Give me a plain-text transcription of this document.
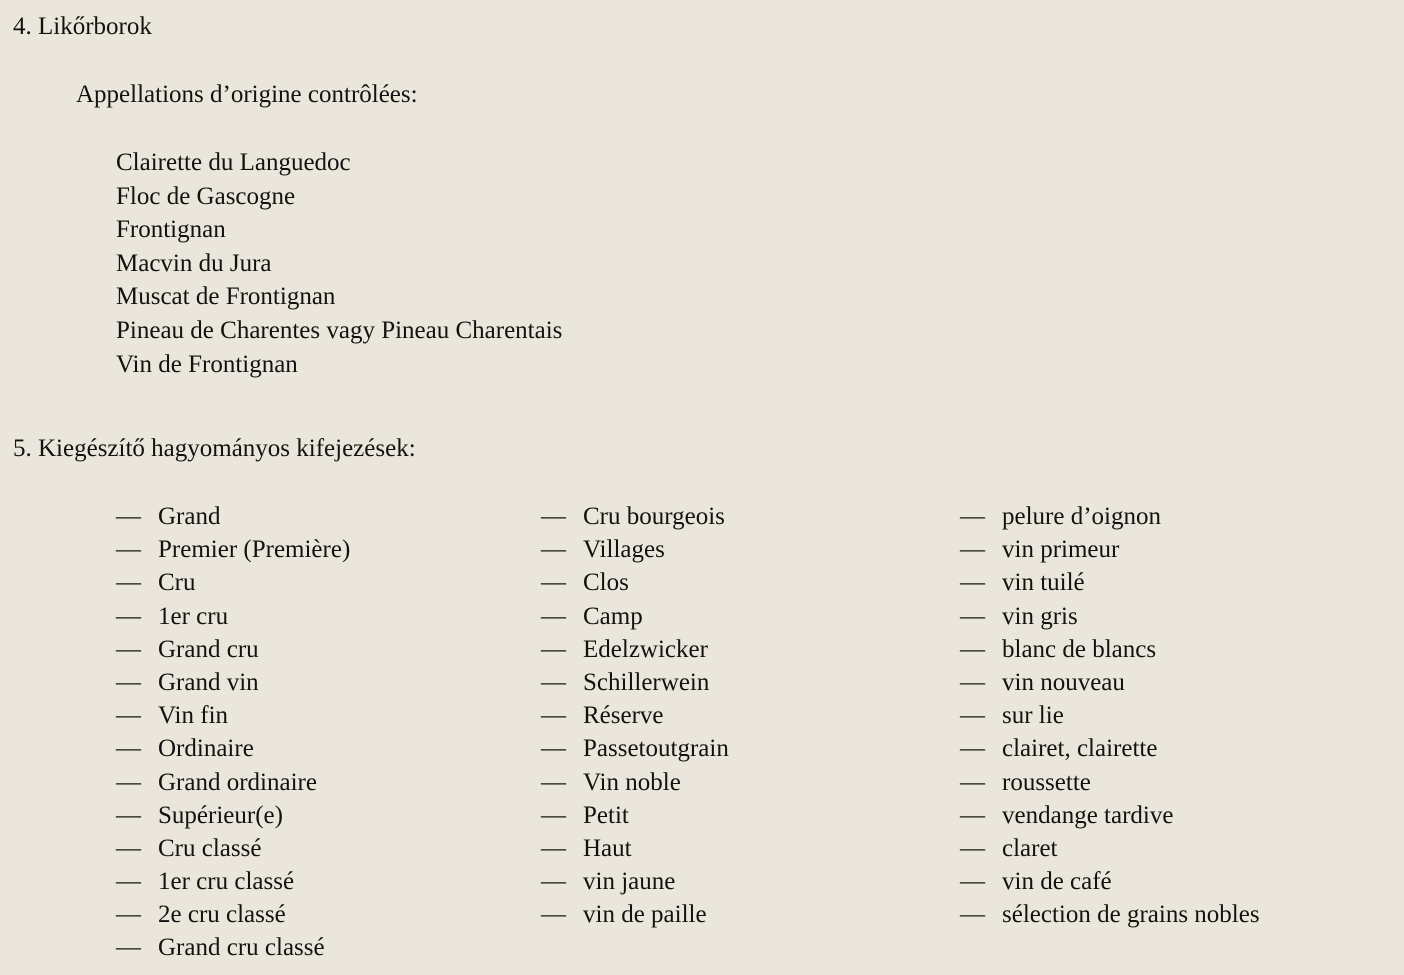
4. Likőrborok
Appellations d’origine contrôlées:
Clairette du Languedoc
Floc de Gascogne
Frontignan
Macvin du Jura
Muscat de Frontignan
Pineau de Charentes vagy Pineau Charentais
Vin de Frontignan
5. Kiegészítő hagyományos kifejezések:
— Grand
— Premier (Première)
— Cru
— 1er cru
— Grand cru
— Grand vin
— Vin fin
— Ordinaire
— Grand ordinaire
— Supérieur(e)
— Cru classé
— 1er cru classé
— 2e cru classé
— Grand cru classé
— Cru bourgeois
— Villages
— Clos
— Camp
— Edelzwicker
— Schillerwein
— Réserve
— Passetoutgrain
— Vin noble
— Petit
— Haut
— vin jaune
— vin de paille
— pelure d’oignon
— vin primeur
— vin tuilé
— vin gris
— blanc de blancs
— vin nouveau
— sur lie
— clairet, clairette
— roussette
— vendange tardive
— claret
— vin de café
— sélection de grains nobles
